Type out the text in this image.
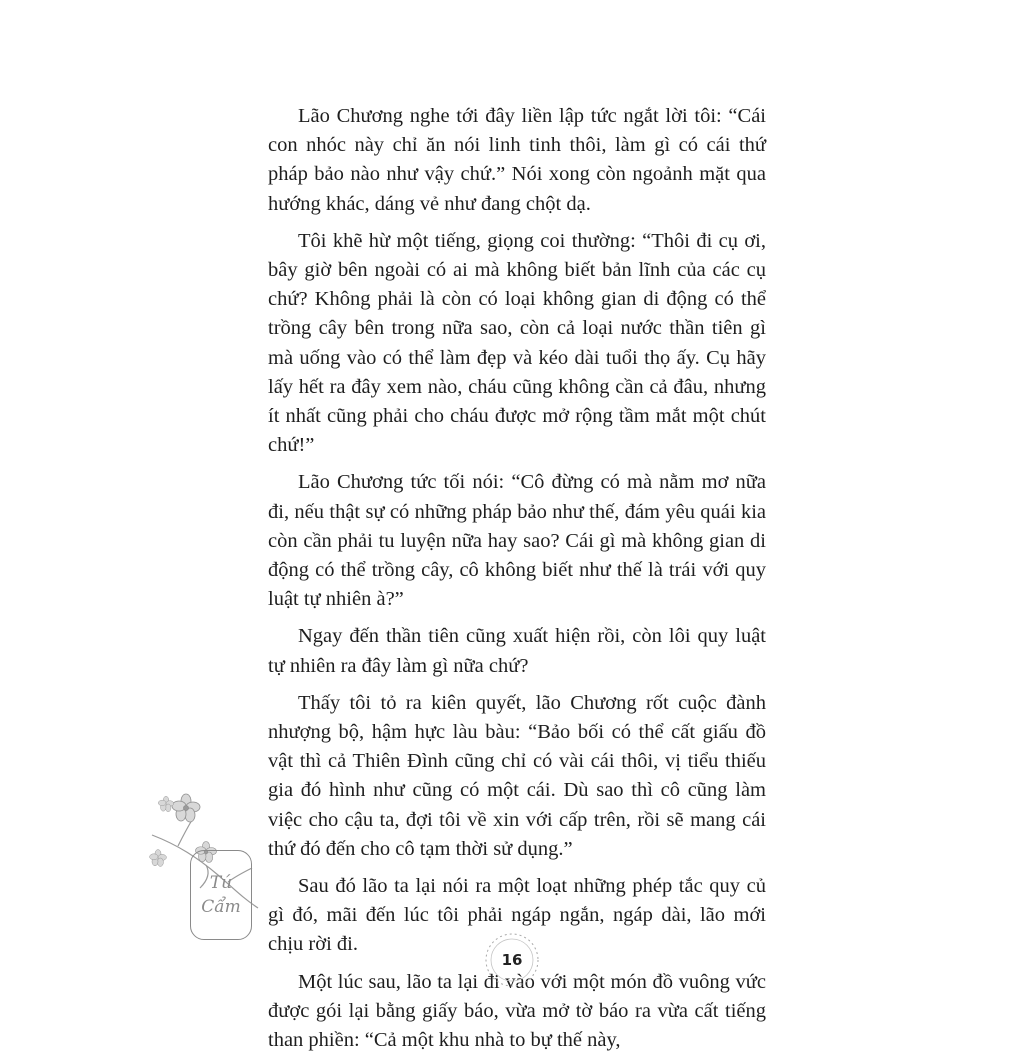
Lão Chương nghe tới đây liền lập tức ngắt lời tôi: “Cái con nhóc này chỉ ăn nói linh tinh thôi, làm gì có cái thứ pháp bảo nào như vậy chứ.” Nói xong còn ngoảnh mặt qua hướng khác, dáng vẻ như đang chột dạ.

Tôi khẽ hừ một tiếng, giọng coi thường: “Thôi đi cụ ơi, bây giờ bên ngoài có ai mà không biết bản lĩnh của các cụ chứ? Không phải là còn có loại không gian di động có thể trồng cây bên trong nữa sao, còn cả loại nước thần tiên gì mà uống vào có thể làm đẹp và kéo dài tuổi thọ ấy. Cụ hãy lấy hết ra đây xem nào, cháu cũng không cần cả đâu, nhưng ít nhất cũng phải cho cháu được mở rộng tầm mắt một chút chứ!”

Lão Chương tức tối nói: “Cô đừng có mà nằm mơ nữa đi, nếu thật sự có những pháp bảo như thế, đám yêu quái kia còn cần phải tu luyện nữa hay sao? Cái gì mà không gian di động có thể trồng cây, cô không biết như thế là trái với quy luật tự nhiên à?”

Ngay đến thần tiên cũng xuất hiện rồi, còn lôi quy luật tự nhiên ra đây làm gì nữa chứ?

Thấy tôi tỏ ra kiên quyết, lão Chương rốt cuộc đành nhượng bộ, hậm hực làu bàu: “Bảo bối có thể cất giấu đồ vật thì cả Thiên Đình cũng chỉ có vài cái thôi, vị tiểu thiếu gia đó hình như cũng có một cái. Dù sao thì cô cũng làm việc cho cậu ta, đợi tôi về xin với cấp trên, rồi sẽ mang cái thứ đó đến cho cô tạm thời sử dụng.”

Sau đó lão ta lại nói ra một loạt những phép tắc quy củ gì đó, mãi đến lúc tôi phải ngáp ngắn, ngáp dài, lão mới chịu rời đi.

Một lúc sau, lão ta lại đi vào với một món đồ vuông vức được gói lại bằng giấy báo, vừa mở tờ báo ra vừa cất tiếng than phiền: “Cả một khu nhà to bự thế này,

Tú
Cẩm
16
